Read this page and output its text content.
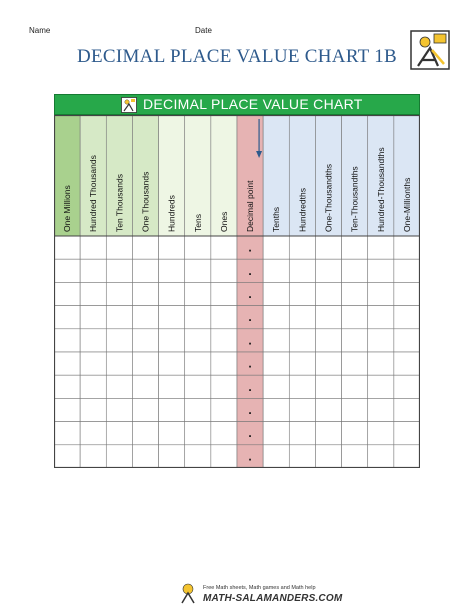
Name	Date
DECIMAL PLACE VALUE CHART 1B
DECIMAL PLACE VALUE CHART
One Millions Hundred Thousands Ten Thousands One Thousands Hundreds Tens Ones Decimal point Tenths Hundredths One-Thousandths Ten-Thousandths Hundred-Thousandths One-Millionths
.
.
.
.
.
.
.
.
.
.
Free Math sheets, Math games and Math help
MATH-SALAMANDERS.COM
